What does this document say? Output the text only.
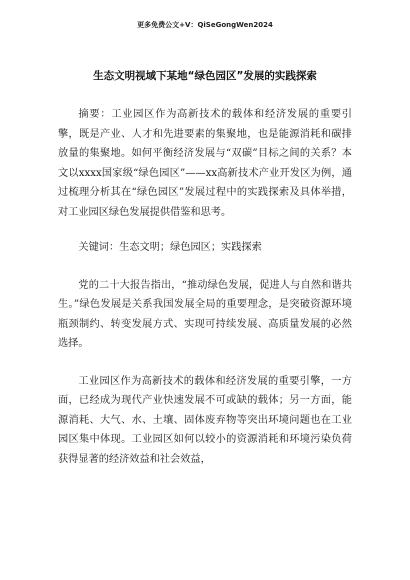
更多免费公文+V：QiSeGongWen2024
生态文明视域下某地“绿色园区”发展的实践探索

摘要：工业园区作为高新技术的载体和经济发展的重要引擎，既是产业、人才和先进要素的集聚地，也是能源消耗和碳排放量的集聚地。如何平衡经济发展与“双碳”目标之间的关系？本文以xxxx国家级“绿色园区”——xx高新技术产业开发区为例，通过梳理分析其在“绿色园区”发展过程中的实践探索及具体举措，对工业园区绿色发展提供借鉴和思考。

关键词：生态文明；绿色园区；实践探索

党的二十大报告指出，“推动绿色发展，促进人与自然和谐共生。”绿色发展是关系我国发展全局的重要理念，是突破资源环境瓶颈制约、转变发展方式、实现可持续发展、高质量发展的必然选择。

工业园区作为高新技术的载体和经济发展的重要引擎，一方面，已经成为现代产业快速发展不可或缺的载体；另一方面，能源消耗、大气、水、土壤、固体废弃物等突出环境问题也在工业园区集中体现。工业园区如何以较小的资源消耗和环境污染负荷获得显著的经济效益和社会效益，
